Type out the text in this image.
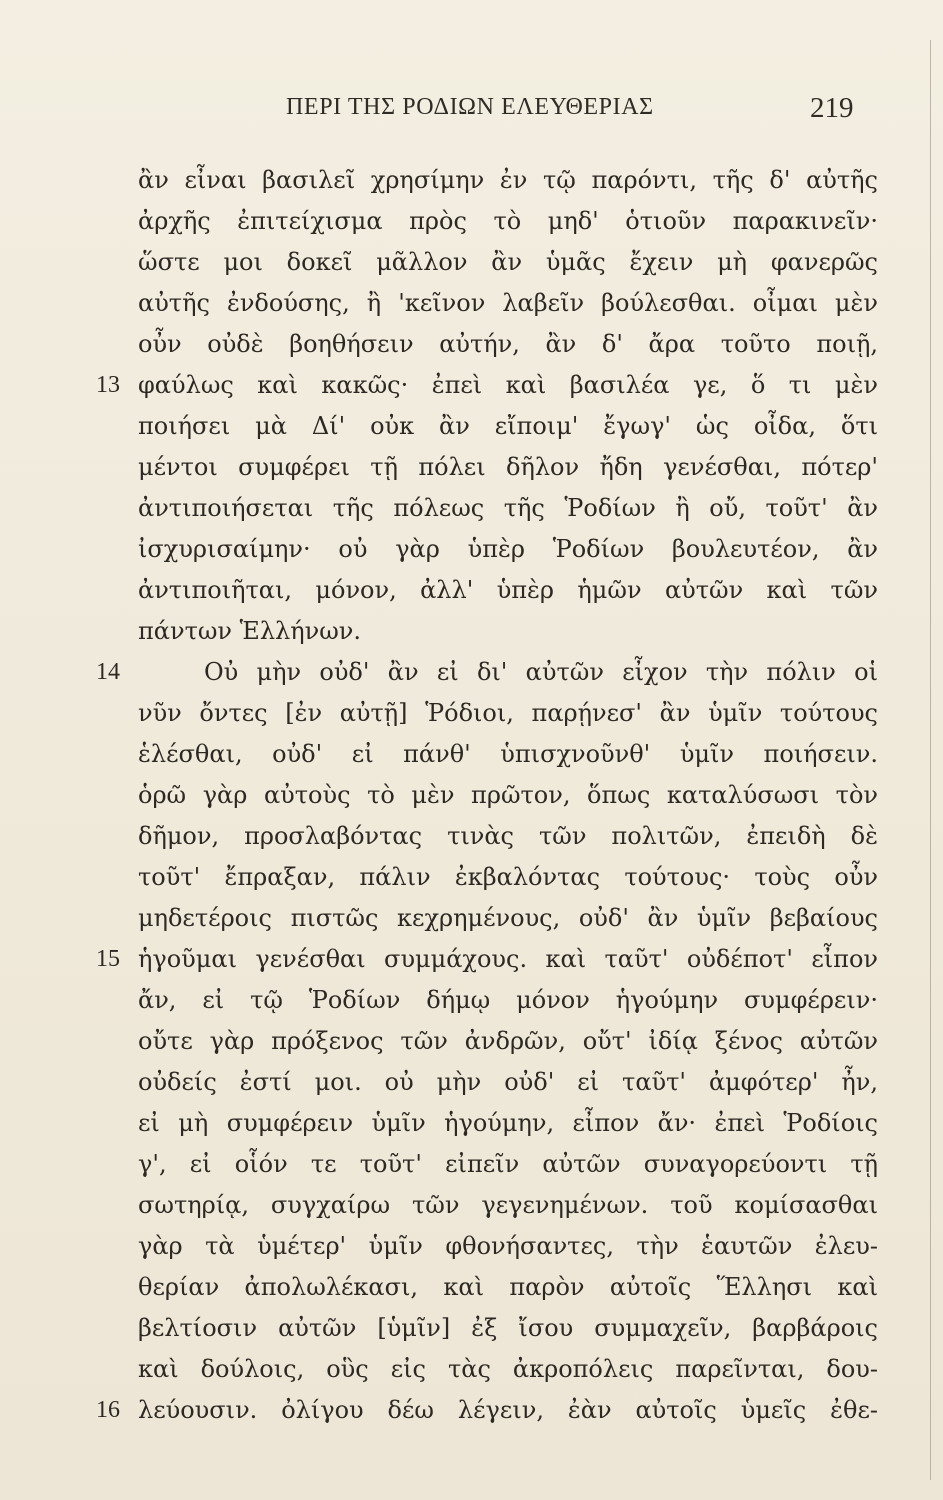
ΠΕΡΙ ΤΗΣ ΡΟΔΙΩΝ ΕΛΕΥΘΕΡΙΑΣ	219
ἂν εἶναι βασιλεῖ χρησίμην ἐν τῷ παρόντι, τῆς δ' αὐτῆς
ἀρχῆς ἐπιτείχισμα πρὸς τὸ μηδ' ὁτιοῦν παρακινεῖν·
ὥστε μοι δοκεῖ μᾶλλον ἂν ὑμᾶς ἔχειν μὴ φανερῶς
αὐτῆς ἐνδούσης, ἢ 'κεῖνον λαβεῖν βούλεσθαι. οἶμαι μὲν
οὖν οὐδὲ βοηθήσειν αὐτήν, ἂν δ' ἄρα τοῦτο ποιῇ,
13 φαύλως καὶ κακῶς· ἐπεὶ καὶ βασιλέα γε, ὅ τι μὲν
ποιήσει μὰ Δί' οὐκ ἂν εἴποιμ' ἔγωγ' ὡς οἶδα, ὅτι
μέντοι συμφέρει τῇ πόλει δῆλον ἤδη γενέσθαι, πότερ'
ἀντιποιήσεται τῆς πόλεως τῆς Ῥοδίων ἢ οὔ, τοῦτ' ἂν
ἰσχυρισαίμην· οὐ γὰρ ὑπὲρ Ῥοδίων βουλευτέον, ἂν
ἀντιποιῆται, μόνον, ἀλλ' ὑπὲρ ἡμῶν αὐτῶν καὶ τῶν
πάντων Ἑλλήνων.
14	Οὐ μὴν οὐδ' ἂν εἰ δι' αὐτῶν εἶχον τὴν πόλιν οἱ
νῦν ὄντες [ἐν αὐτῇ] Ῥόδιοι, παρῄνεσ' ἂν ὑμῖν τούτους
ἑλέσθαι, οὐδ' εἰ πάνθ' ὑπισχνοῦνθ' ὑμῖν ποιήσειν.
ὁρῶ γὰρ αὐτοὺς τὸ μὲν πρῶτον, ὅπως καταλύσωσι τὸν
δῆμον, προσλαβόντας τινὰς τῶν πολιτῶν, ἐπειδὴ δὲ
τοῦτ' ἔπραξαν, πάλιν ἐκβαλόντας τούτους· τοὺς οὖν
μηδετέροις πιστῶς κεχρημένους, οὐδ' ἂν ὑμῖν βεβαίους
15 ἡγοῦμαι γενέσθαι συμμάχους. καὶ ταῦτ' οὐδέποτ' εἶπον
ἄν, εἰ τῷ Ῥοδίων δήμῳ μόνον ἡγούμην συμφέρειν·
οὔτε γὰρ πρόξενος τῶν ἀνδρῶν, οὔτ' ἰδίᾳ ξένος αὐτῶν
οὐδείς ἐστί μοι. οὐ μὴν οὐδ' εἰ ταῦτ' ἀμφότερ' ἦν,
εἰ μὴ συμφέρειν ὑμῖν ἡγούμην, εἶπον ἄν· ἐπεὶ Ῥοδίοις
γ', εἰ οἷόν τε τοῦτ' εἰπεῖν αὐτῶν συναγορεύοντι τῇ
σωτηρίᾳ, συγχαίρω τῶν γεγενημένων. τοῦ κομίσασθαι
γὰρ τὰ ὑμέτερ' ὑμῖν φθονήσαντες, τὴν ἑαυτῶν ἐλευ-
θερίαν ἀπολωλέκασι, καὶ παρὸν αὐτοῖς Ἕλλησι καὶ
βελτίοσιν αὐτῶν [ὑμῖν] ἐξ ἴσου συμμαχεῖν, βαρβάροις
καὶ δούλοις, οὓς εἰς τὰς ἀκροπόλεις παρεῖνται, δου-
16 λεύουσιν. ὀλίγου δέω λέγειν, ἐὰν αὐτοῖς ὑμεῖς ἐθε-
